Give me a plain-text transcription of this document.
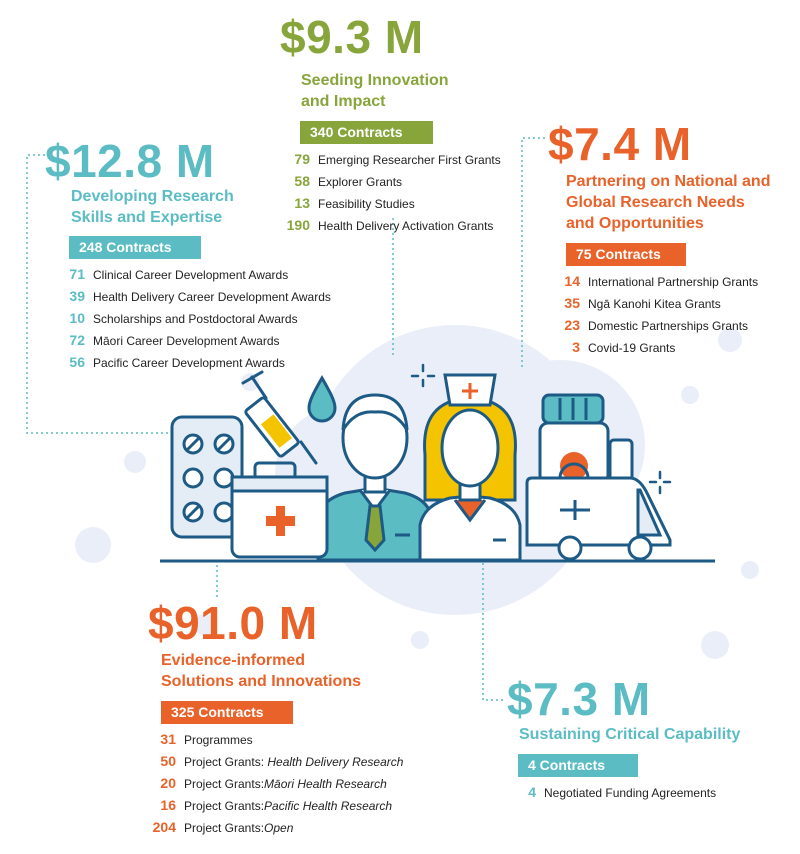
$9.3 M
Seeding Innovation
and Impact
340 Contracts
79 Emerging Researcher First Grants
58 Explorer Grants
13 Feasibility Studies
190 Health Delivery Activation Grants
$12.8 M
Developing Research
Skills and Expertise
248 Contracts
71 Clinical Career Development Awards
39 Health Delivery Career Development Awards
10 Scholarships and Postdoctoral Awards
72 Māori Career Development Awards
56 Pacific Career Development Awards
$7.4 M
Partnering on National and
Global Research Needs
and Opportunities
75 Contracts
14 International Partnership Grants
35 Ngā Kanohi Kitea Grants
23 Domestic Partnerships Grants
3 Covid-19 Grants
$91.0 M
Evidence-informed
Solutions and Innovations
325 Contracts
31 Programmes
50 Project Grants: Health Delivery Research
20 Project Grants: Māori Health Research
16 Project Grants: Pacific Health Research
204 Project Grants: Open
$7.3 M
Sustaining Critical Capability
4 Contracts
4 Negotiated Funding Agreements
